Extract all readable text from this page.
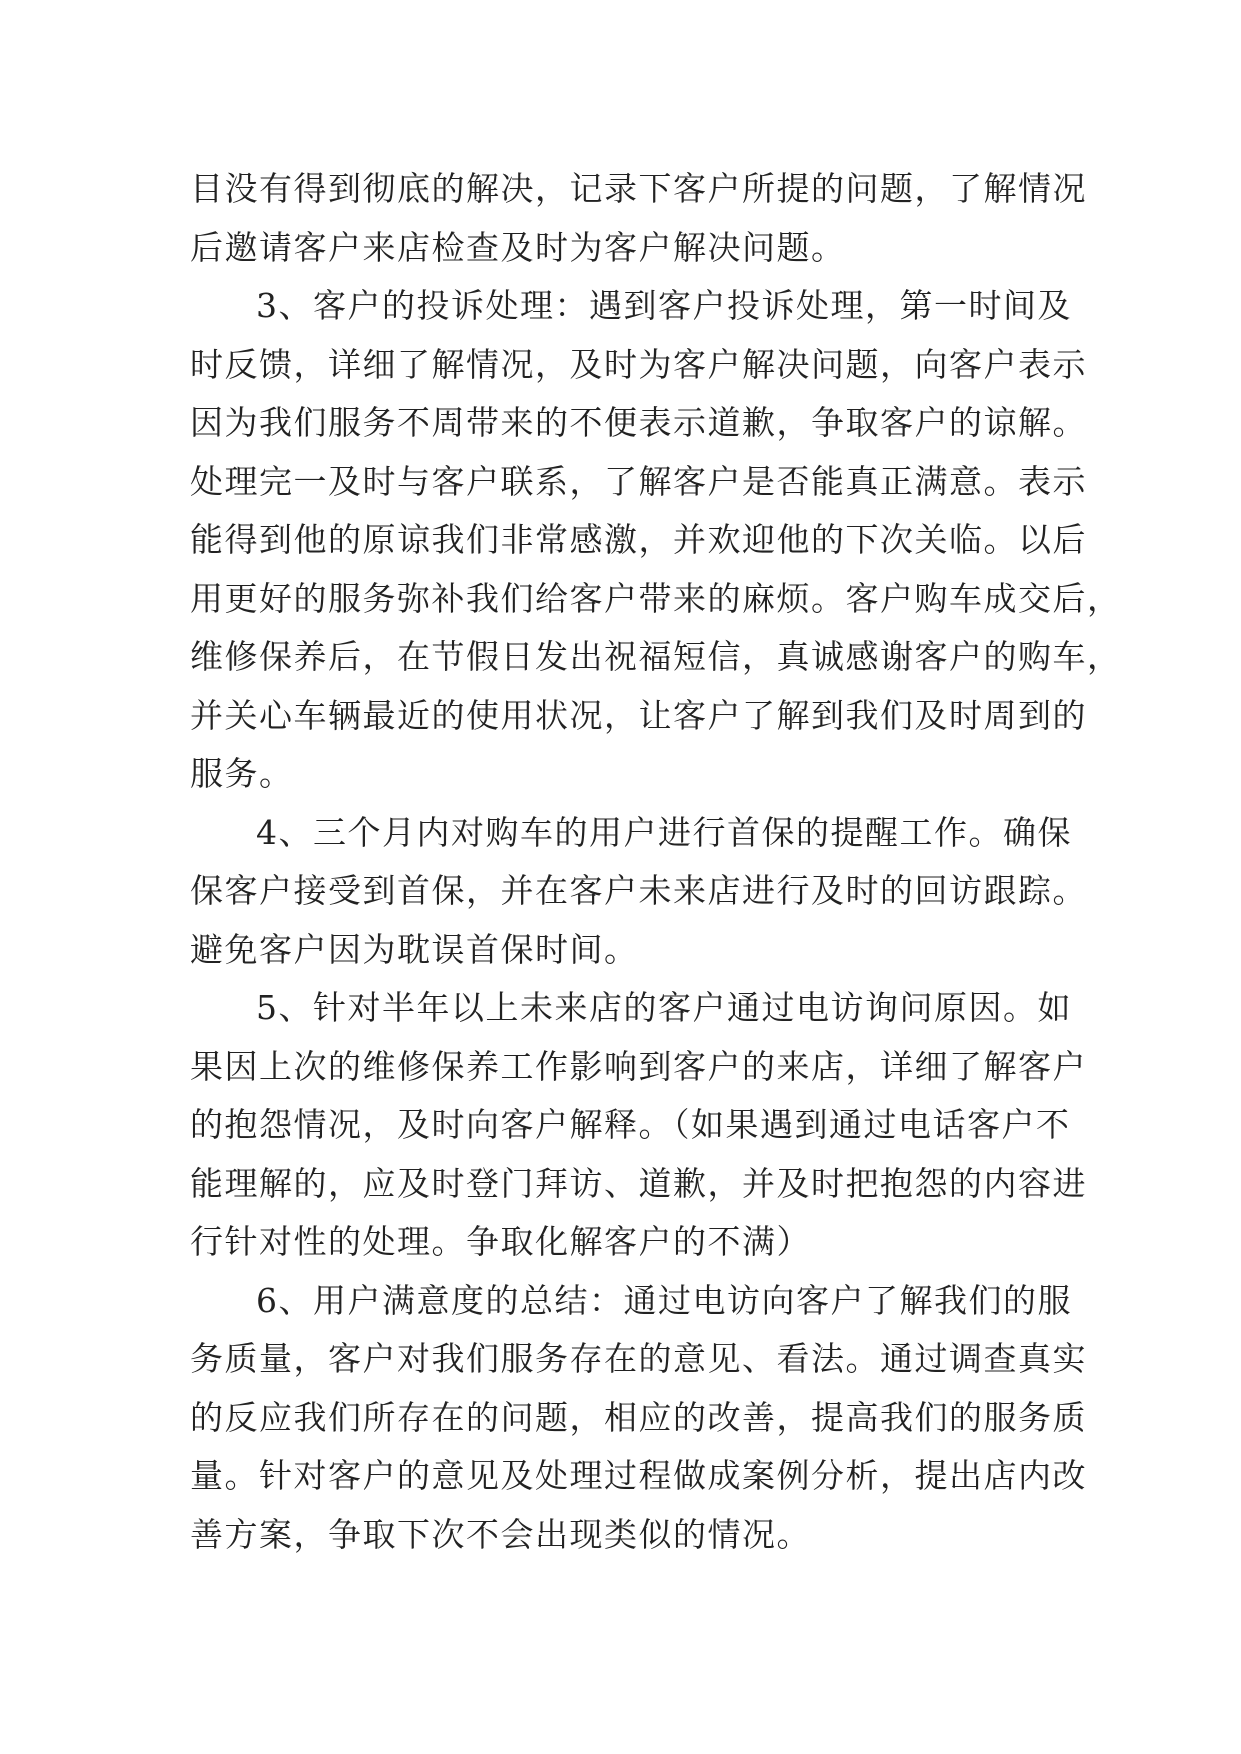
目没有得到彻底的解决，记录下客户所提的问题，了解情况
后邀请客户来店检查及时为客户解决问题。
3、客户的投诉处理：遇到客户投诉处理，第一时间及
时反馈，详细了解情况，及时为客户解决问题，向客户表示
因为我们服务不周带来的不便表示道歉，争取客户的谅解。
处理完一及时与客户联系，了解客户是否能真正满意。表示
能得到他的原谅我们非常感激，并欢迎他的下次关临。以后
用更好的服务弥补我们给客户带来的麻烦。客户购车成交后，
维修保养后，在节假日发出祝福短信，真诚感谢客户的购车，
并关心车辆最近的使用状况，让客户了解到我们及时周到的
服务。
4、三个月内对购车的用户进行首保的提醒工作。确保
保客户接受到首保，并在客户未来店进行及时的回访跟踪。
避免客户因为耽误首保时间。
5、针对半年以上未来店的客户通过电访询问原因。如
果因上次的维修保养工作影响到客户的来店，详细了解客户
的抱怨情况，及时向客户解释。（如果遇到通过电话客户不
能理解的，应及时登门拜访、道歉，并及时把抱怨的内容进
行针对性的处理。争取化解客户的不满）
6、用户满意度的总结：通过电访向客户了解我们的服
务质量，客户对我们服务存在的意见、看法。通过调查真实
的反应我们所存在的问题，相应的改善，提高我们的服务质
量。针对客户的意见及处理过程做成案例分析，提出店内改
善方案，争取下次不会出现类似的情况。
